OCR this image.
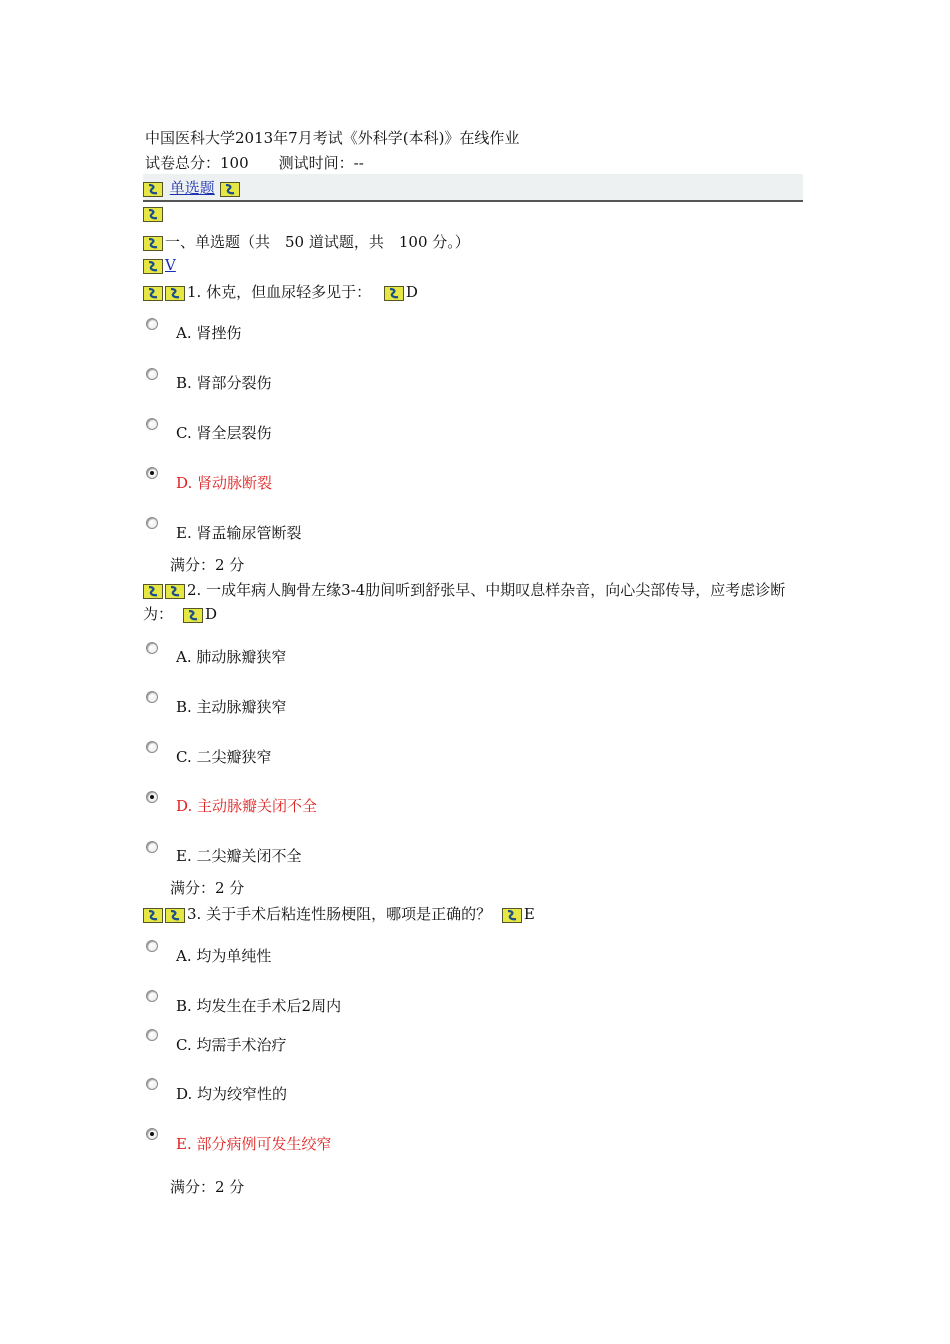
中国医科大学2013年7月考试《外科学(本科)》在线作业
试卷总分：100 测试时间：--
单选题
一、单选题（共　50 道试题，共　100 分。）
V
1. 休克，但血尿轻多见于： D
A. 肾挫伤
B. 肾部分裂伤
C. 肾全层裂伤
D. 肾动脉断裂
E. 肾盂输尿管断裂
满分：2 分
2. 一成年病人胸骨左缘3-4肋间听到舒张早、中期叹息样杂音，向心尖部传导，应考虑诊断为： D
A. 肺动脉瓣狭窄
B. 主动脉瓣狭窄
C. 二尖瓣狭窄
D. 主动脉瓣关闭不全
E. 二尖瓣关闭不全
满分：2 分
3. 关于手术后粘连性肠梗阻，哪项是正确的？ E
A. 均为单纯性
B. 均发生在手术后2周内
C. 均需手术治疗
D. 均为绞窄性的
E. 部分病例可发生绞窄
满分：2 分
